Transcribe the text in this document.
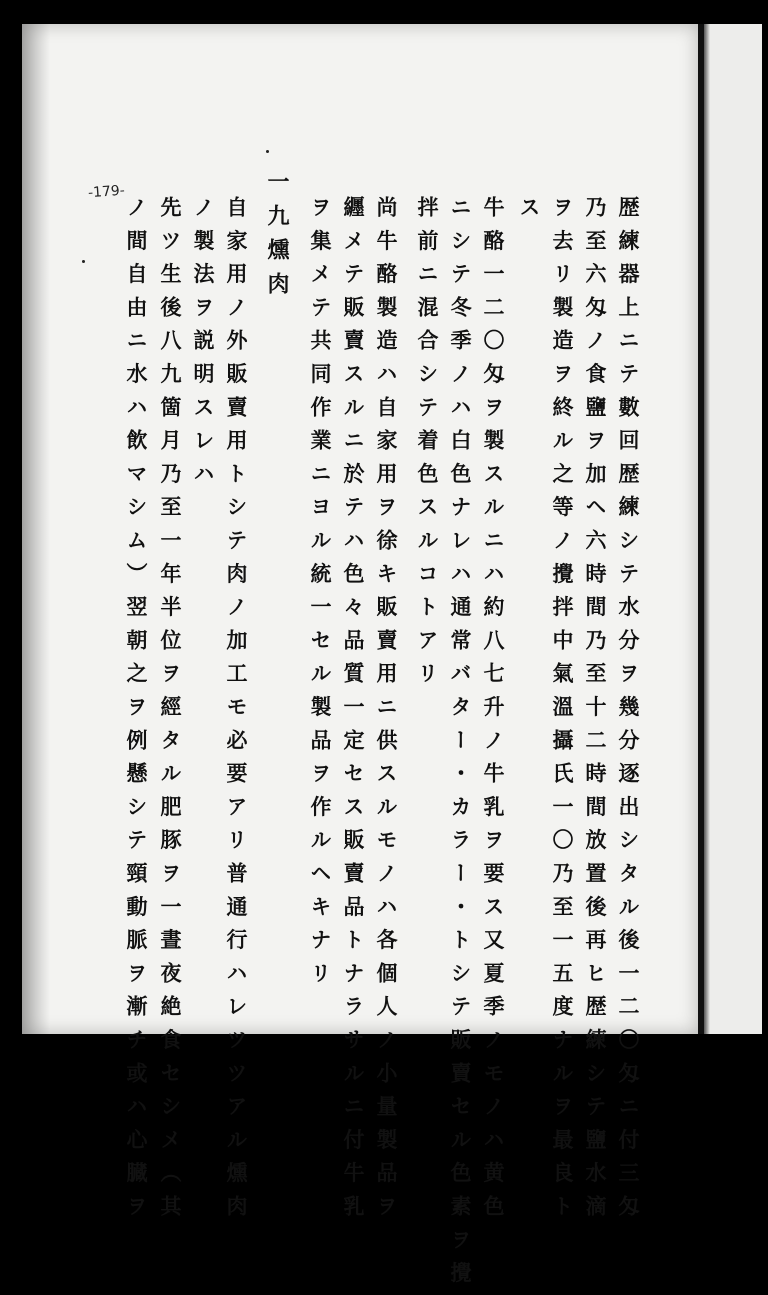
歴練器上ニテ數回歴練シテ水分ヲ幾分逐出シタル後一二〇匁ニ付三匁
乃至六匁ノ食鹽ヲ加ヘ六時間乃至十二時間放置後再ヒ歴練シテ鹽水滴
ヲ去リ製造ヲ終ル之等ノ攪拌中氣溫攝氏一〇乃至一五度ナルヲ最良ト
ス
牛酪一二〇匁ヲ製スルニハ約八七升ノ牛乳ヲ要ス又夏季ノモノハ黄色
ニシテ冬季ノハ白色ナレハ通常バター・カラー・トシテ販賣セル色素ヲ攪
拌前ニ混合シテ着色スルコトアリ
尚牛酪製造ハ自家用ヲ徐キ販賣用ニ供スルモノハ各個人ノ小量製品ヲ
纒メテ販賣スルニ於テハ色々品質一定セス販賣品トナラサルニ付牛乳
ヲ集メテ共同作業ニヨル統一セル製品ヲ作ルヘキナリ
一九燻肉
自家用ノ外販賣用トシテ肉ノ加工モ必要アリ普通行ハレツツアル燻肉
ノ製法ヲ説明スレハ
先ツ生後八九箇月乃至一年半位ヲ經タル肥豚ヲ一晝夜絶食セシメ（其
ノ間自由ニ水ハ飲マシム）翌朝之ヲ例懸シテ頸動脈ヲ漸チ或ハ心臓ヲ
-179-
